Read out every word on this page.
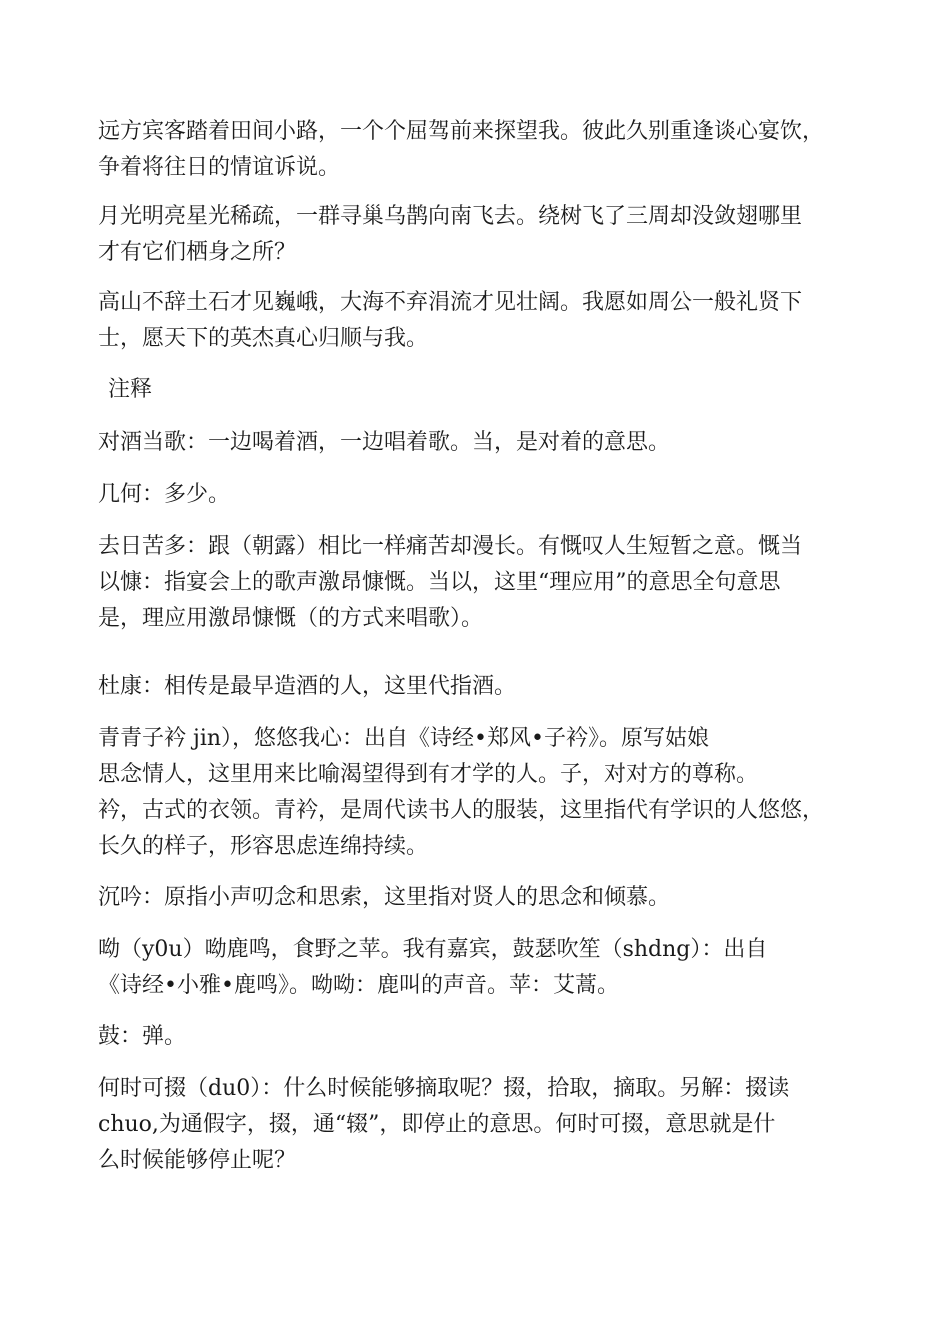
远方宾客踏着田间小路，一个个屈驾前来探望我。彼此久别重逢谈心宴饮，
争着将往日的情谊诉说。
月光明亮星光稀疏，一群寻巢乌鹊向南飞去。绕树飞了三周却没敛翅哪里
才有它们栖身之所？
高山不辞土石才见巍峨，大海不弃涓流才见壮阔。我愿如周公一般礼贤下
士，愿天下的英杰真心归顺与我。
注释
对酒当歌：一边喝着酒，一边唱着歌。当，是对着的意思。
几何：多少。
去日苦多：跟（朝露）相比一样痛苦却漫长。有慨叹人生短暂之意。慨当
以慷：指宴会上的歌声激昂慷慨。当以，这里“理应用”的意思全句意思
是，理应用激昂慷慨（的方式来唱歌）。
杜康：相传是最早造酒的人，这里代指酒。
青青子衿 jin），悠悠我心：出自《诗经•郑风•子衿》。原写姑娘
思念情人，这里用来比喻渴望得到有才学的人。子，对对方的尊称。
衿，古式的衣领。青衿，是周代读书人的服装，这里指代有学识的人悠悠，
长久的样子，形容思虑连绵持续。
沉吟：原指小声叨念和思索，这里指对贤人的思念和倾慕。
呦（y0u）呦鹿鸣，食野之苹。我有嘉宾，鼓瑟吹笙（shdng）：出自
《诗经•小雅•鹿鸣》。呦呦：鹿叫的声音。苹：艾蒿。
鼓：弹。
何时可掇（du0）：什么时候能够摘取呢？掇，拾取，摘取。另解：掇读
chuo,为通假字，掇，通“辍”，即停止的意思。何时可掇，意思就是什
么时候能够停止呢？
